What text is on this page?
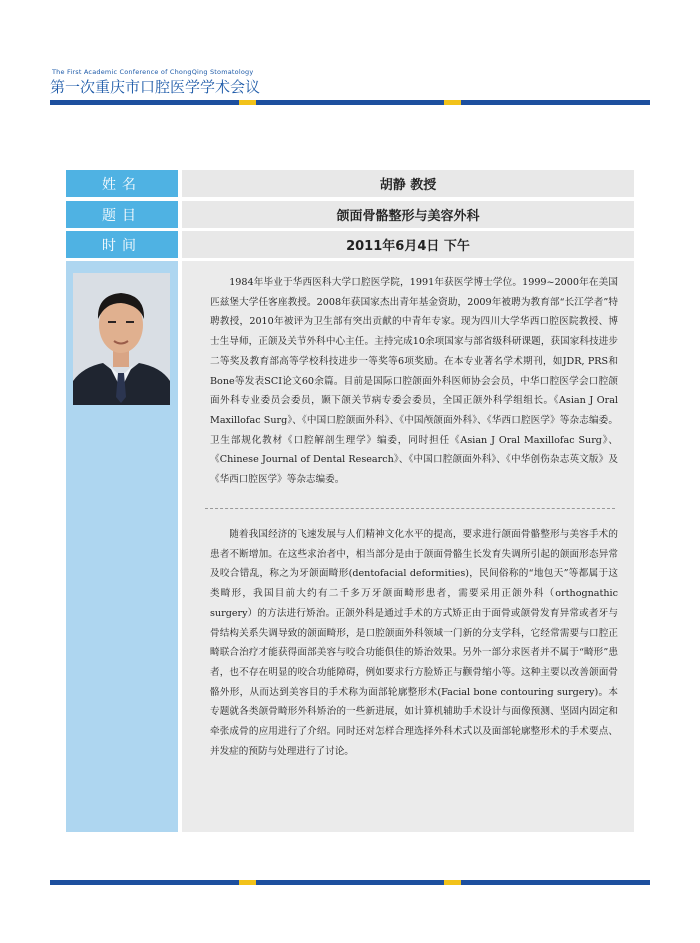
The First Academic Conference of ChongQing Stomatology
第一次重庆市口腔医学学术会议
姓名	胡静 教授
题目	颌面骨骼整形与美容外科
时间	2011年6月4日 下午

1984年毕业于华西医科大学口腔医学院，1991年获医学博士学位。1999~2000年在美国匹兹堡大学任客座教授。2008年获国家杰出青年基金资助，2009年被聘为教育部“长江学者”特聘教授，2010年被评为卫生部有突出贡献的中青年专家。现为四川大学华西口腔医院教授、博士生导师，正颌及关节外科中心主任。主持完成10余项国家与部省级科研课题，获国家科技进步二等奖及教育部高等学校科技进步一等奖等6项奖励。在本专业著名学术期刊，如JDR, PRS和Bone等发表SCI论文60余篇。目前是国际口腔颌面外科医师协会会员，中华口腔医学会口腔颌面外科专业委员会委员，颞下颌关节病专委会委员，全国正颌外科学组组长。《Asian J Oral Maxillofac Surg》、《中国口腔颌面外科》、《中国颅颌面外科》、《华西口腔医学》等杂志编委。卫生部规化教材《口腔解剖生理学》编委，同时担任《Asian J Oral Maxillofac Surg》、《Chinese Journal of Dental Research》、《中国口腔颌面外科》、《中华创伤杂志英文版》及《华西口腔医学》等杂志编委。

随着我国经济的飞速发展与人们精神文化水平的提高，要求进行颌面骨骼整形与美容手术的患者不断增加。在这些求治者中，相当部分是由于颌面骨骼生长发育失调所引起的颌面形态异常及咬合错乱，称之为牙颌面畸形(dentofacial deformities)，民间俗称的“地包天”等都属于这类畸形，我国目前大约有二千多万牙颌面畸形患者，需要采用正颌外科（orthognathic surgery）的方法进行矫治。正颌外科是通过手术的方式矫正由于面骨或颌骨发育异常或者牙与骨结构关系失调导致的颌面畸形，是口腔颌面外科领域一门新的分支学科，它经常需要与口腔正畸联合治疗才能获得面部美容与咬合功能俱佳的矫治效果。另外一部分求医者并不属于“畸形”患者，也不存在明显的咬合功能障碍，例如要求行方脸矫正与颧骨缩小等。这种主要以改善颌面骨骼外形，从而达到美容目的手术称为面部轮廓整形术(Facial bone contouring surgery)。本专题就各类颌骨畸形外科矫治的一些新进展，如计算机辅助手术设计与面像预测、坚固内固定和牵张成骨的应用进行了介绍。同时还对怎样合理选择外科术式以及面部轮廓整形术的手术要点、并发症的预防与处理进行了讨论。
